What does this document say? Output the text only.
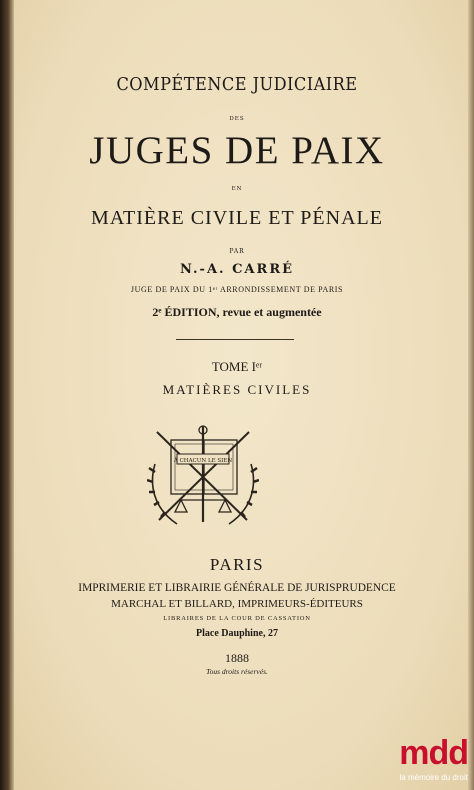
COMPÉTENCE JUDICIAIRE
DES
JUGES DE PAIX
EN
MATIÈRE CIVILE ET PÉNALE
PAR
N.-A. CARRÉ
JUGE DE PAIX DU 1ᵉʳ ARRONDISSEMENT DE PARIS
2ᵉ ÉDITION, revue et augmentée
TOME Iᵉʳ
MATIÈRES CIVILES
À CHACUN LE SIEN
PARIS
IMPRIMERIE ET LIBRAIRIE GÉNÉRALE DE JURISPRUDENCE
MARCHAL ET BILLARD, IMPRIMEURS-ÉDITEURS
LIBRAIRES DE LA COUR DE CASSATION
Place Dauphine, 27
1888
Tous droits réservés.
mdd
la mémoire du droit
